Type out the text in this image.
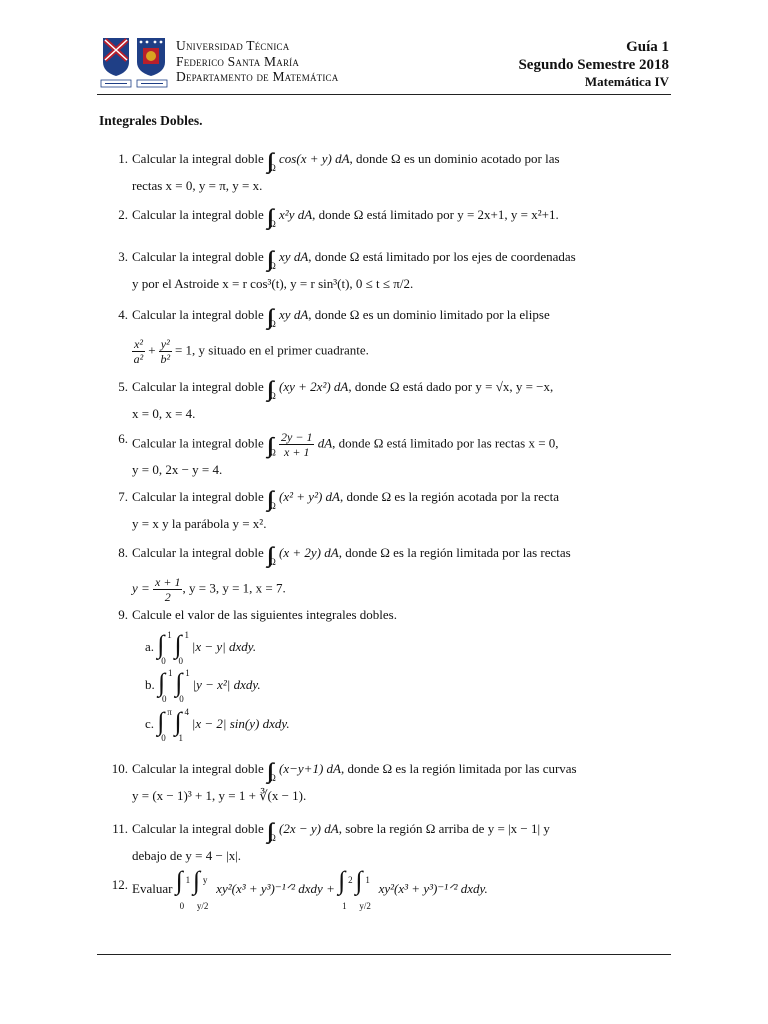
Universidad Técnica
Federico Santa María
Departamento de Matemática
Guía 1
Segundo Semestre 2018
Matemática IV
Integrales Dobles.
1. Calcular la integral doble $\int\int_\Omega$ cos(x + y) dA, donde Ω es un dominio acotado por las
rectas x = 0, y = π, y = x.
2. Calcular la integral doble $\int\int_\Omega$ x²y dA, donde Ω está limitado por y = 2x+1, y = x²+1.
3. Calcular la integral doble $\int\int_\Omega$ xy dA, donde Ω está limitado por los ejes de coordenadas
y por el Astroide x = r cos³(t), y = r sin³(t), 0 ≤ t ≤ π/2.
4. Calcular la integral doble $\int\int_\Omega$ xy dA, donde Ω es un dominio limitado por la elipse
$\frac{\text{x²}}{\text{a²}} + \frac{\text{y²}}{\text{b²}} = 1$, y situado en el primer cuadrante.
5. Calcular la integral doble $\int\int_\Omega$ (xy + 2x²) dA, donde Ω está dado por y = √x, y = −x,
x = 0, x = 4.
6. Calcular la integral doble $\int\int_\Omega \frac{2y - 1}{x + 1}$ dA, donde Ω está limitado por las rectas x = 0,
y = 0, 2x − y = 4.
7. Calcular la integral doble $\int\int_\Omega$ (x² + y²) dA, donde Ω es la región acotada por la recta
y = x y la parábola y = x².
8. Calcular la integral doble $\int\int_\Omega$ (x + 2y) dA, donde Ω es la región limitada por las rectas
$y = \frac{x + 1}{2}$ , y = 3, y = 1, x = 7.
9. Calcule el valor de las siguientes integrales dobles.
a. ∫ 1
0

∫ 1
0
|x − y| dxdy.
b. ∫ 1
0

∫ 1
0
|y − x²| dxdy.
c. ∫ π
0

∫ 4
1
|x − 2| sin(y) dxdy.
10. Calcular la integral doble $\int\int_\Omega$ (x−y+1) dA, donde Ω es la región limitada por las curvas
y = (x − 1)³ + 1, y = 1 + ∛(x − 1).
11. Calcular la integral doble $\int\int_\Omega$ (2x − y) dA, sobre la región Ω arriba de y = |x − 1| y
debajo de y = 4 − |x|.
12. Evaluar ∫ 1
0

∫ y
y/2
xy²(x³ + y³)⁻¹ᐟ² dxdy + ∫ 2
1

∫ 1
y/2
xy²(x³ + y³)⁻¹ᐟ² dxdy.
